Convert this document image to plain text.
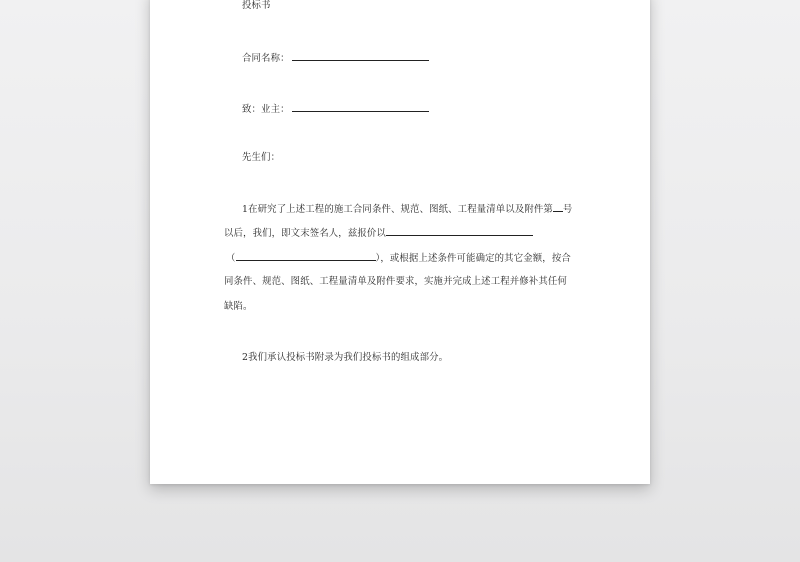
投标书
合同名称：
致：业主：
先生们：
1在研究了上述工程的施工合同条件、规范、图纸、工程量清单以及附件第 号
以后，我们，即文末签名人，兹报价以
（	），或根据上述条件可能确定的其它金额，按合
同条件、规范、图纸、工程量清单及附件要求，实施并完成上述工程并修补其任何
缺陷。
2我们承认投标书附录为我们投标书的组成部分。
